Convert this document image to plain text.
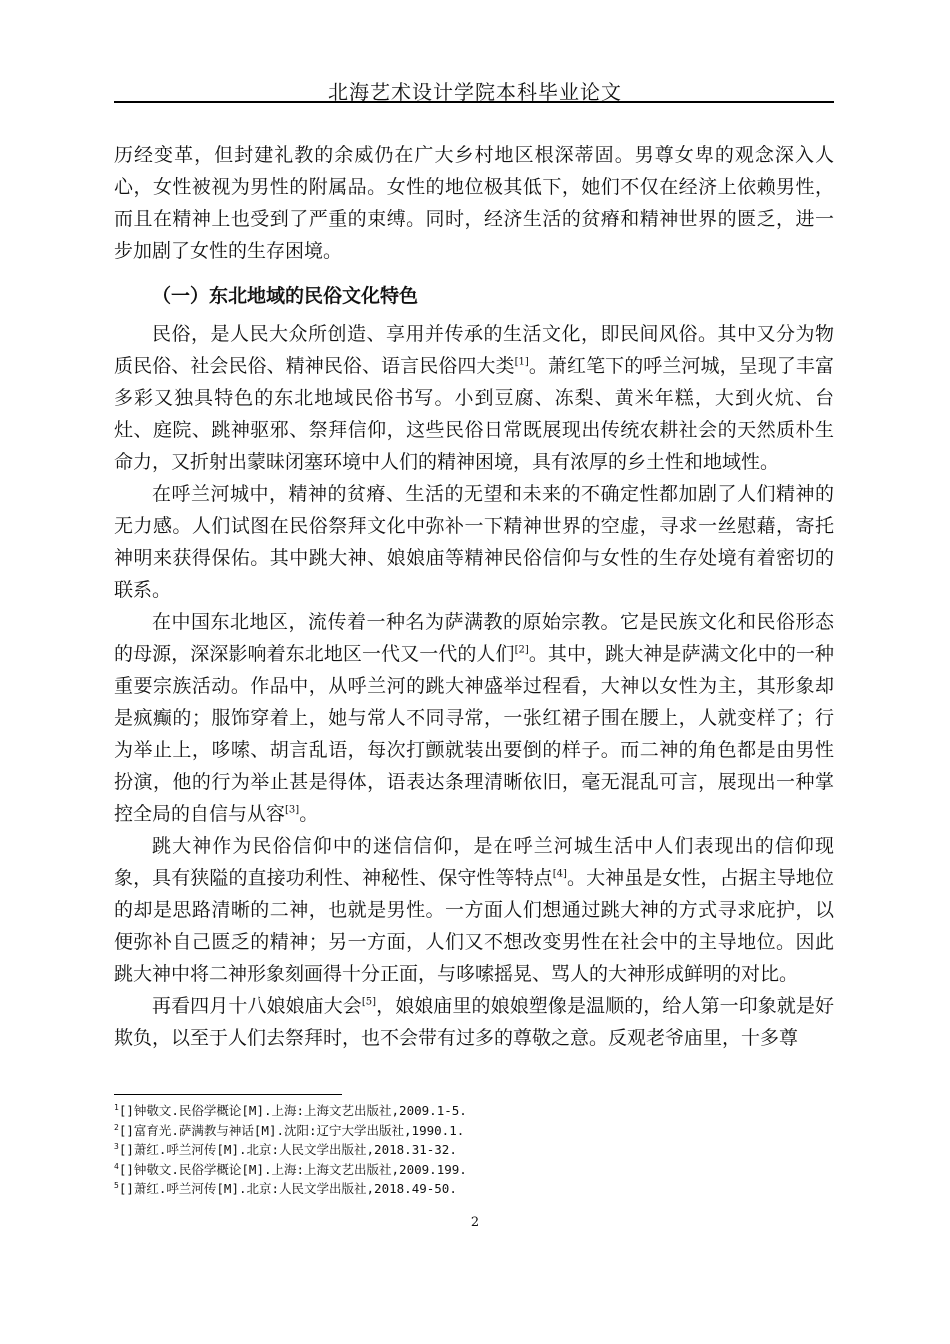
北海艺术设计学院本科毕业论文

历经变革，但封建礼教的余威仍在广大乡村地区根深蒂固。男尊女卑的观念深入人心，女性被视为男性的附属品。女性的地位极其低下，她们不仅在经济上依赖男性，而且在精神上也受到了严重的束缚。同时，经济生活的贫瘠和精神世界的匮乏，进一步加剧了女性的生存困境。

（一）东北地域的民俗文化特色

民俗，是人民大众所创造、享用并传承的生活文化，即民间风俗。其中又分为物质民俗、社会民俗、精神民俗、语言民俗四大类[1]。萧红笔下的呼兰河城，呈现了丰富多彩又独具特色的东北地域民俗书写。小到豆腐、冻梨、黄米年糕，大到火炕、台灶、庭院、跳神驱邪、祭拜信仰，这些民俗日常既展现出传统农耕社会的天然质朴生命力，又折射出蒙昧闭塞环境中人们的精神困境，具有浓厚的乡土性和地域性。

在呼兰河城中，精神的贫瘠、生活的无望和未来的不确定性都加剧了人们精神的无力感。人们试图在民俗祭拜文化中弥补一下精神世界的空虚，寻求一丝慰藉，寄托神明来获得保佑。其中跳大神、娘娘庙等精神民俗信仰与女性的生存处境有着密切的联系。

在中国东北地区，流传着一种名为萨满教的原始宗教。它是民族文化和民俗形态的母源，深深影响着东北地区一代又一代的人们[2]。其中，跳大神是萨满文化中的一种重要宗族活动。作品中，从呼兰河的跳大神盛举过程看，大神以女性为主，其形象却是疯癫的；服饰穿着上，她与常人不同寻常，一张红裙子围在腰上，人就变样了；行为举止上，哆嗦、胡言乱语，每次打颤就装出要倒的样子。而二神的角色都是由男性扮演，他的行为举止甚是得体，语表达条理清晰依旧，毫无混乱可言，展现出一种掌控全局的自信与从容[3]。

跳大神作为民俗信仰中的迷信信仰，是在呼兰河城生活中人们表现出的信仰现象，具有狭隘的直接功利性、神秘性、保守性等特点[4]。大神虽是女性，占据主导地位的却是思路清晰的二神，也就是男性。一方面人们想通过跳大神的方式寻求庇护，以便弥补自己匮乏的精神；另一方面，人们又不想改变男性在社会中的主导地位。因此跳大神中将二神形象刻画得十分正面，与哆嗦摇晃、骂人的大神形成鲜明的对比。

再看四月十八娘娘庙大会[5]，娘娘庙里的娘娘塑像是温顺的，给人第一印象就是好欺负，以至于人们去祭拜时，也不会带有过多的尊敬之意。反观老爷庙里，十多尊

$^1$[]钟敬文.民俗学概论[M].上海:上海文艺出版社,2009.1-5.
$^2$[]富育光.萨满教与神话[M].沈阳:辽宁大学出版社,1990.1.
$^3$[]萧红.呼兰河传[M].北京:人民文学出版社,2018.31-32.
$^4$[]钟敬文.民俗学概论[M].上海:上海文艺出版社,2009.199.
$^5$[]萧红.呼兰河传[M].北京:人民文学出版社,2018.49-50.
2
